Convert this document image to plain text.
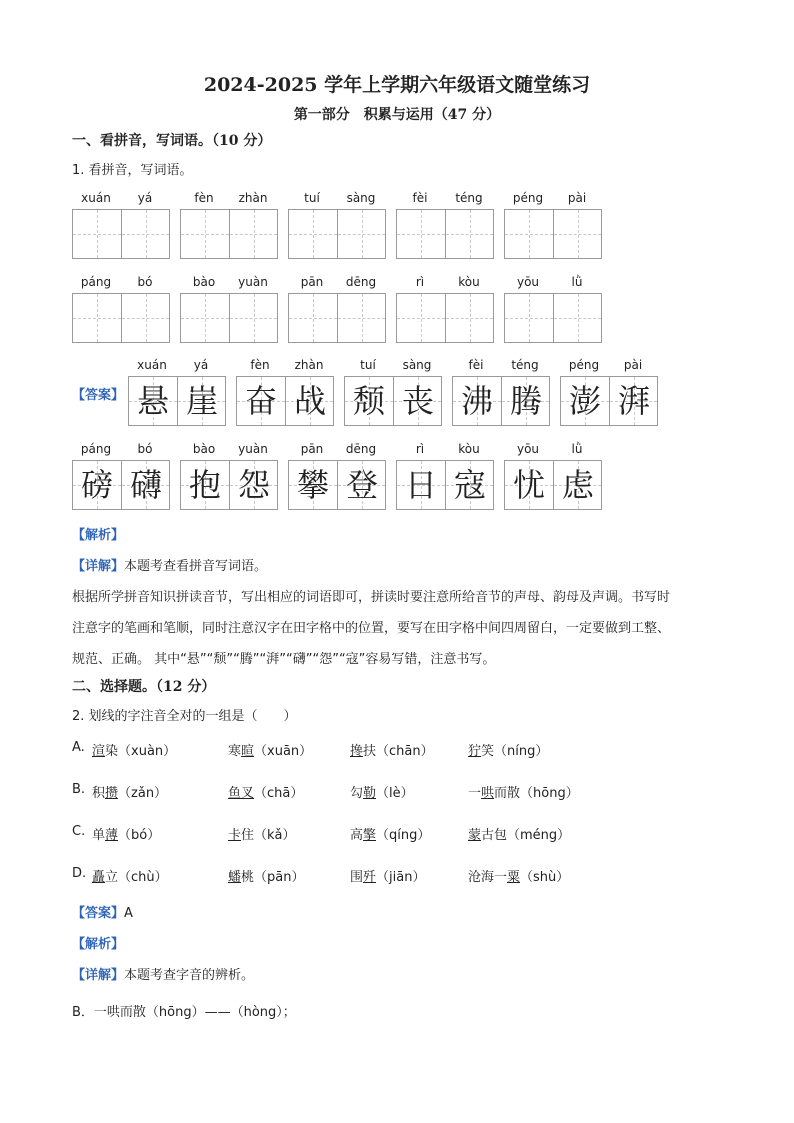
2024-2025 学年上学期六年级语文随堂练习
第一部分　积累与运用（47 分）
一、看拼音，写词语。（10 分）
1. 看拼音，写词语。
xuán	yá	fèn	zhàn	tuí	sàng	fèi	téng	péng	pài
páng	bó	bào	yuàn	pān	dēng	rì	kòu	yōu	lǜ
【答案】
xuán	yá
悬 崖
fèn	zhàn
奋 战
tuí	sàng
颓 丧
fèi	téng
沸 腾
péng	pài
澎 湃
páng	bó
磅 礴
bào	yuàn
抱 怨
pān	dēng
攀 登
rì	kòu
日 寇
yōu	lǜ
忧 虑
【解析】
【详解】本题考查看拼音写词语。
根据所学拼音知识拼读音节，写出相应的词语即可，拼读时要注意所给音节的声母、韵母及声调。书写时
注意字的笔画和笔顺，同时注意汉字在田字格中的位置，要写在田字格中间四周留白，一定要做到工整、
规范、正确。 其中“悬”“颓”“腾”“湃”“礴”“怨”“寇”容易写错，注意书写。
二、选择题。（12 分）
2. 划线的字注音全对的一组是（　　）
A. 渲染（xuàn）	寒暄（xuān）	搀扶（chān）	狞笑（níng）
B. 积攒（zǎn）	鱼叉（chā）	勾勒（lè）	一哄而散（hōng）
C. 单薄（bó）	卡住（kǎ）	高擎（qíng）	蒙古包（méng）
D. 矗立（chù）	蟠桃（pān）	围歼（jiān）	沧海一粟（shù）
【答案】A
【解析】
【详解】本题考查字音的辨析。
B．一哄而散（hōng）——（hòng）；
